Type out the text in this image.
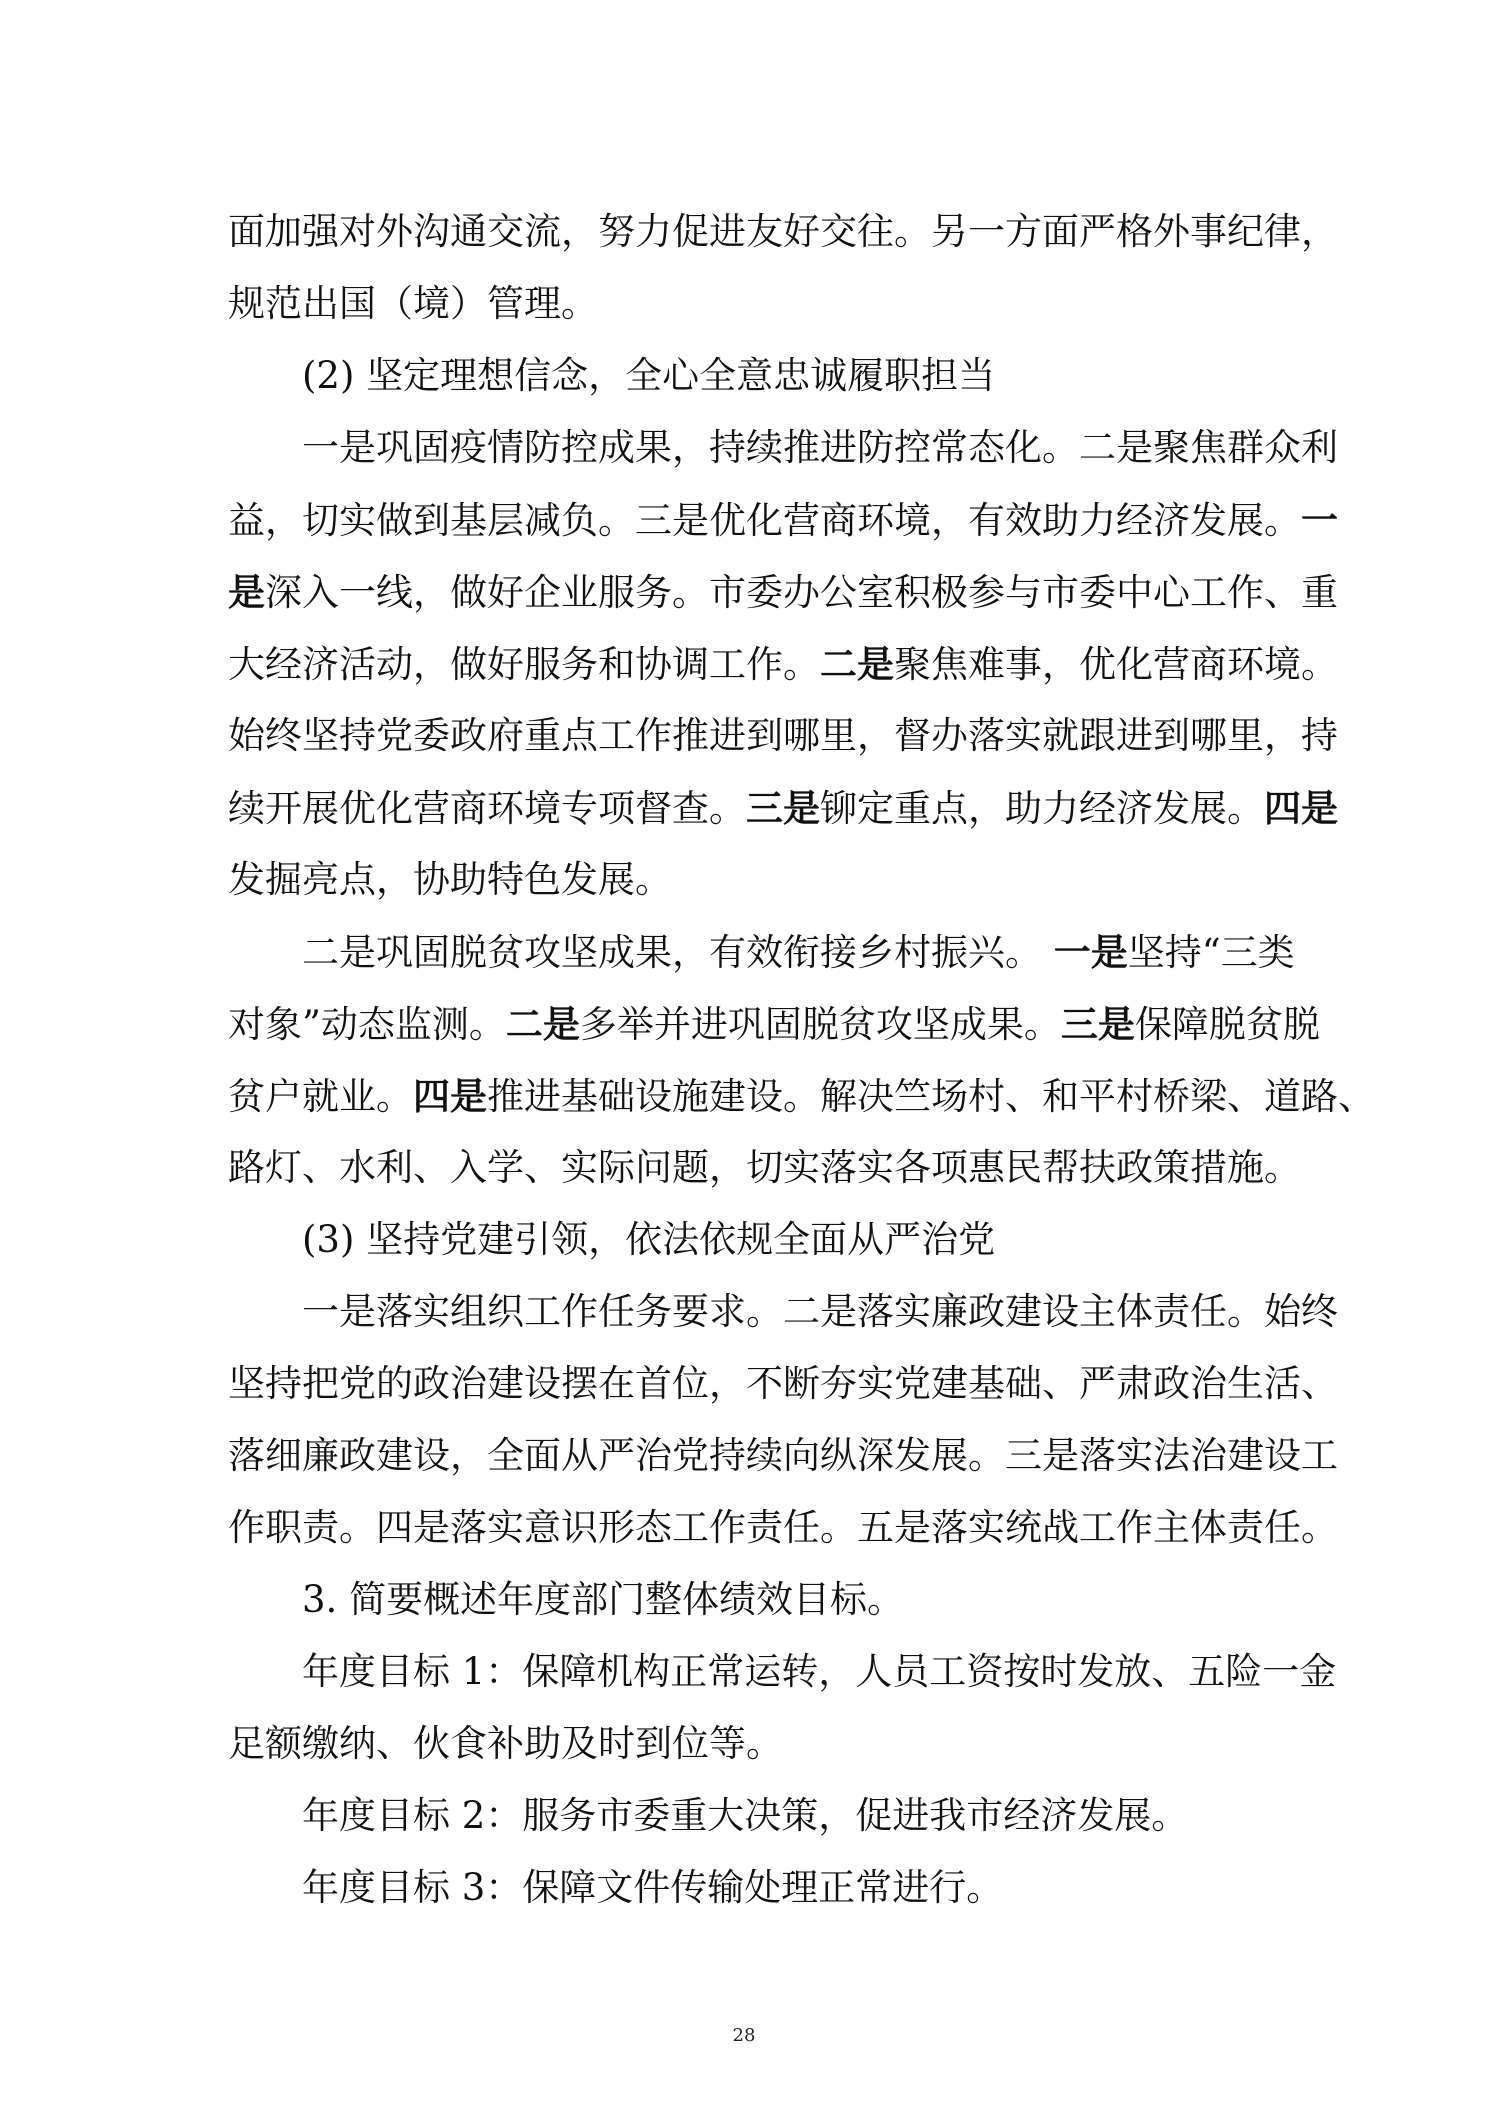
面加强对外沟通交流，努力促进友好交往。另一方面严格外事纪律，
规范出国（境）管理。
(2) 坚定理想信念，全心全意忠诚履职担当
一是巩固疫情防控成果，持续推进防控常态化。二是聚焦群众利
益，切实做到基层减负。三是优化营商环境，有效助力经济发展。一
是深入一线，做好企业服务。市委办公室积极参与市委中心工作、重
大经济活动，做好服务和协调工作。二是聚焦难事，优化营商环境。
始终坚持党委政府重点工作推进到哪里，督办落实就跟进到哪里，持
续开展优化营商环境专项督查。三是铆定重点，助力经济发展。四是
发掘亮点，协助特色发展。
二是巩固脱贫攻坚成果，有效衔接乡村振兴。 一是坚持“三类
对象”动态监测。二是多举并进巩固脱贫攻坚成果。三是保障脱贫脱
贫户就业。四是推进基础设施建设。解决竺场村、和平村桥梁、道路、
路灯、水利、入学、实际问题，切实落实各项惠民帮扶政策措施。
(3) 坚持党建引领，依法依规全面从严治党
一是落实组织工作任务要求。二是落实廉政建设主体责任。始终
坚持把党的政治建设摆在首位，不断夯实党建基础、严肃政治生活、
落细廉政建设，全面从严治党持续向纵深发展。三是落实法治建设工
作职责。四是落实意识形态工作责任。五是落实统战工作主体责任。
3. 简要概述年度部门整体绩效目标。
年度目标 1：保障机构正常运转，人员工资按时发放、五险一金
足额缴纳、伙食补助及时到位等。
年度目标 2：服务市委重大决策，促进我市经济发展。
年度目标 3：保障文件传输处理正常进行。
28
